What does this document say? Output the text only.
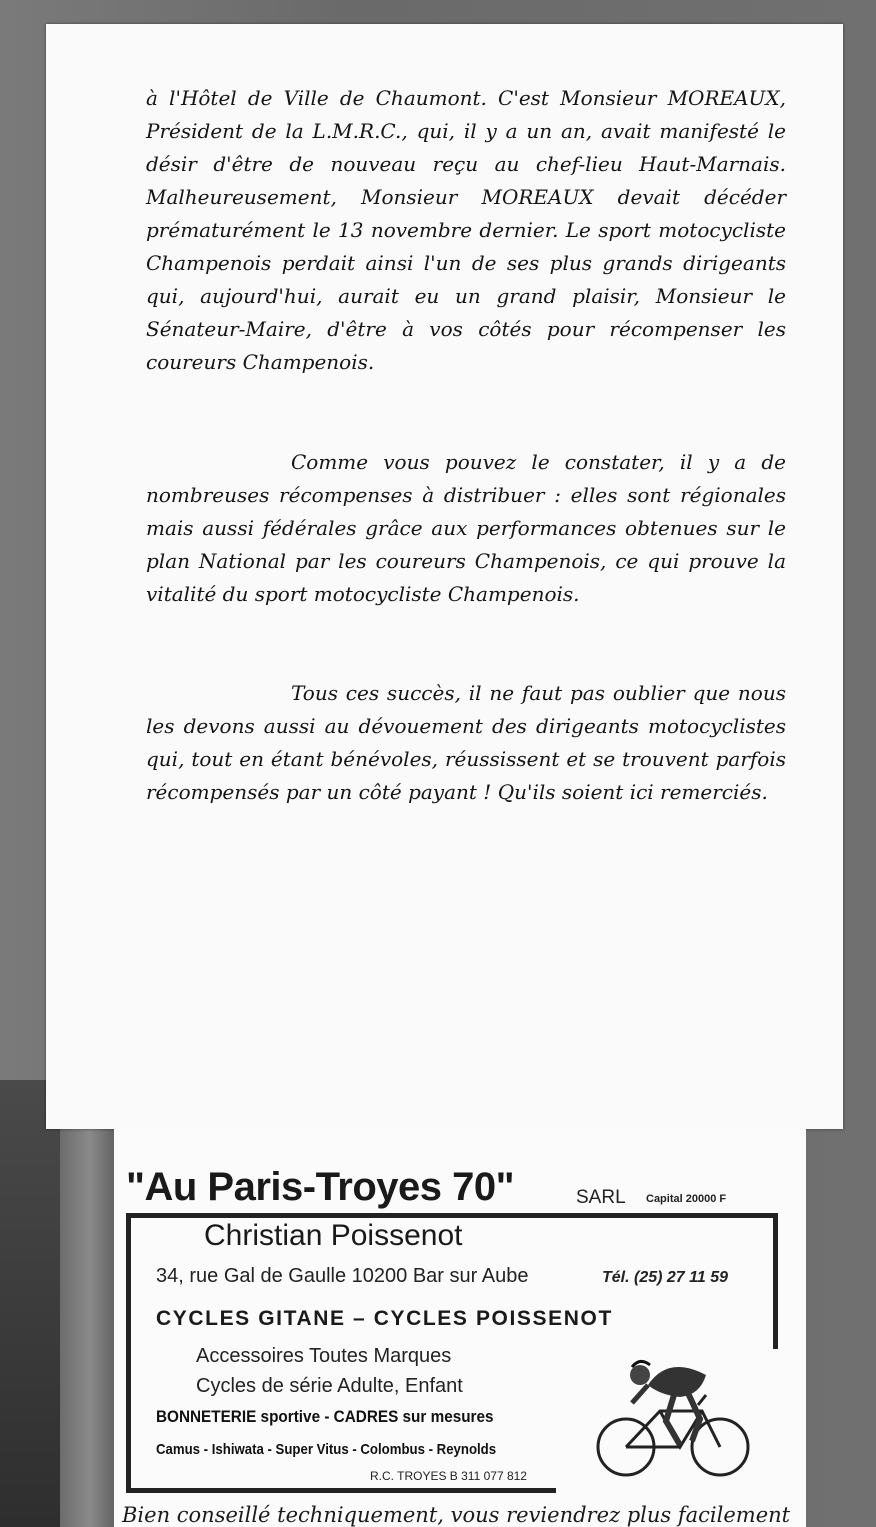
à l'Hôtel de Ville de Chaumont. C'est Monsieur MOREAUX, Président de la L.M.R.C., qui, il y a un an, avait manifesté le désir d'être de nouveau reçu au chef-lieu Haut-Marnais. Malheureusement, Monsieur MOREAUX devait décéder prématurément le 13 novembre dernier. Le sport motocycliste Champenois perdait ainsi l'un de ses plus grands dirigeants qui, aujourd'hui, aurait eu un grand plaisir, Monsieur le Sénateur-Maire, d'être à vos côtés pour récompenser les coureurs Champenois.

Comme vous pouvez le constater, il y a de nombreuses récompenses à distribuer : elles sont régionales mais aussi fédérales grâce aux performances obtenues sur le plan National par les coureurs Champenois, ce qui prouve la vitalité du sport motocycliste Champenois.

Tous ces succès, il ne faut pas oublier que nous les devons aussi au dévouement des dirigeants motocyclistes qui, tout en étant bénévoles, réussissent et se trouvent parfois récompensés par un côté payant ! Qu'ils soient ici remerciés.

"Au Paris-Troyes 70"	SARL Capital 20000 F
Christian Poissenot
34, rue Gal de Gaulle 10200 Bar sur Aube	Tél. (25) 27 11 59
CYCLES GITANE – CYCLES POISSENOT
Accessoires Toutes Marques
Cycles de série Adulte, Enfant
BONNETERIE sportive - CADRES sur mesures
Camus - Ishiwata - Super Vitus - Colombus - Reynolds
R.C. TROYES B 311 077 812
Bien conseillé techniquement, vous reviendrez plus facilement
